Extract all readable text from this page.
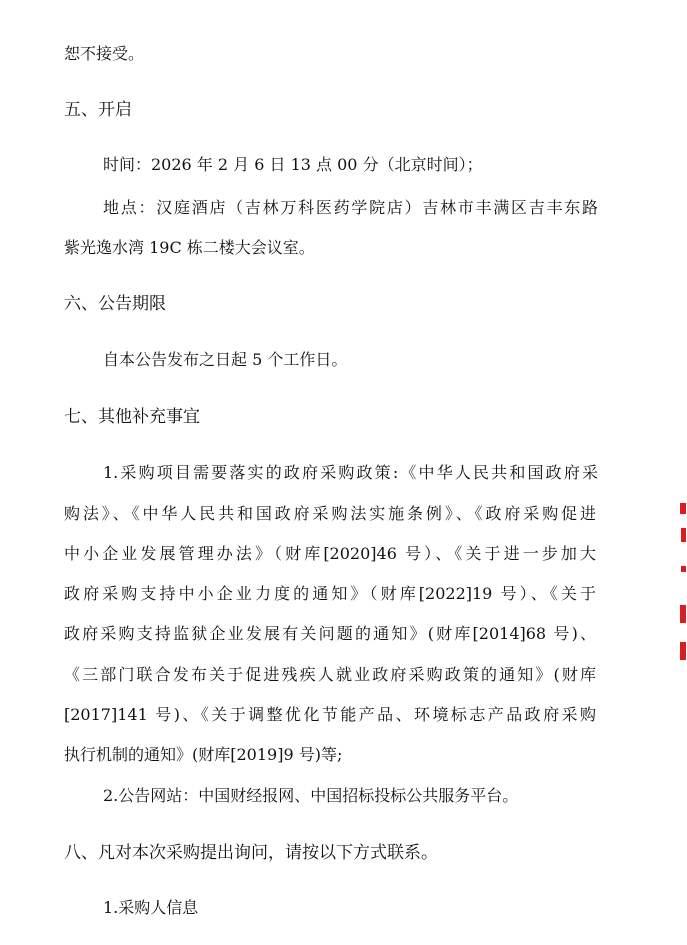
恕不接受。
五、开启
时间：2026 年 2 月 6 日 13 点 00 分（北京时间）；
地点：汉庭酒店（吉林万科医药学院店）吉林市丰满区吉丰东路
紫光逸水湾 19C 栋二楼大会议室。
六、公告期限
自本公告发布之日起 5 个工作日。
七、其他补充事宜
1.采购项目需要落实的政府采购政策:《中华人民共和国政府采
购法》、《中华人民共和国政府采购法实施条例》、《政府采购促进
中小企业发展管理办法》（财库[2020]46 号）、《关于进一步加大
政府采购支持中小企业力度的通知》（财库[2022]19 号）、《关于
政府采购支持监狱企业发展有关问题的通知》(财库[2014]68 号)、
《三部门联合发布关于促进残疾人就业政府采购政策的通知》(财库
[2017]141 号)、《关于调整优化节能产品、环境标志产品政府采购
执行机制的通知》(财库[2019]9 号)等;
2.公告网站：中国财经报网、中国招标投标公共服务平台。
八、凡对本次采购提出询问，请按以下方式联系。
1.采购人信息
